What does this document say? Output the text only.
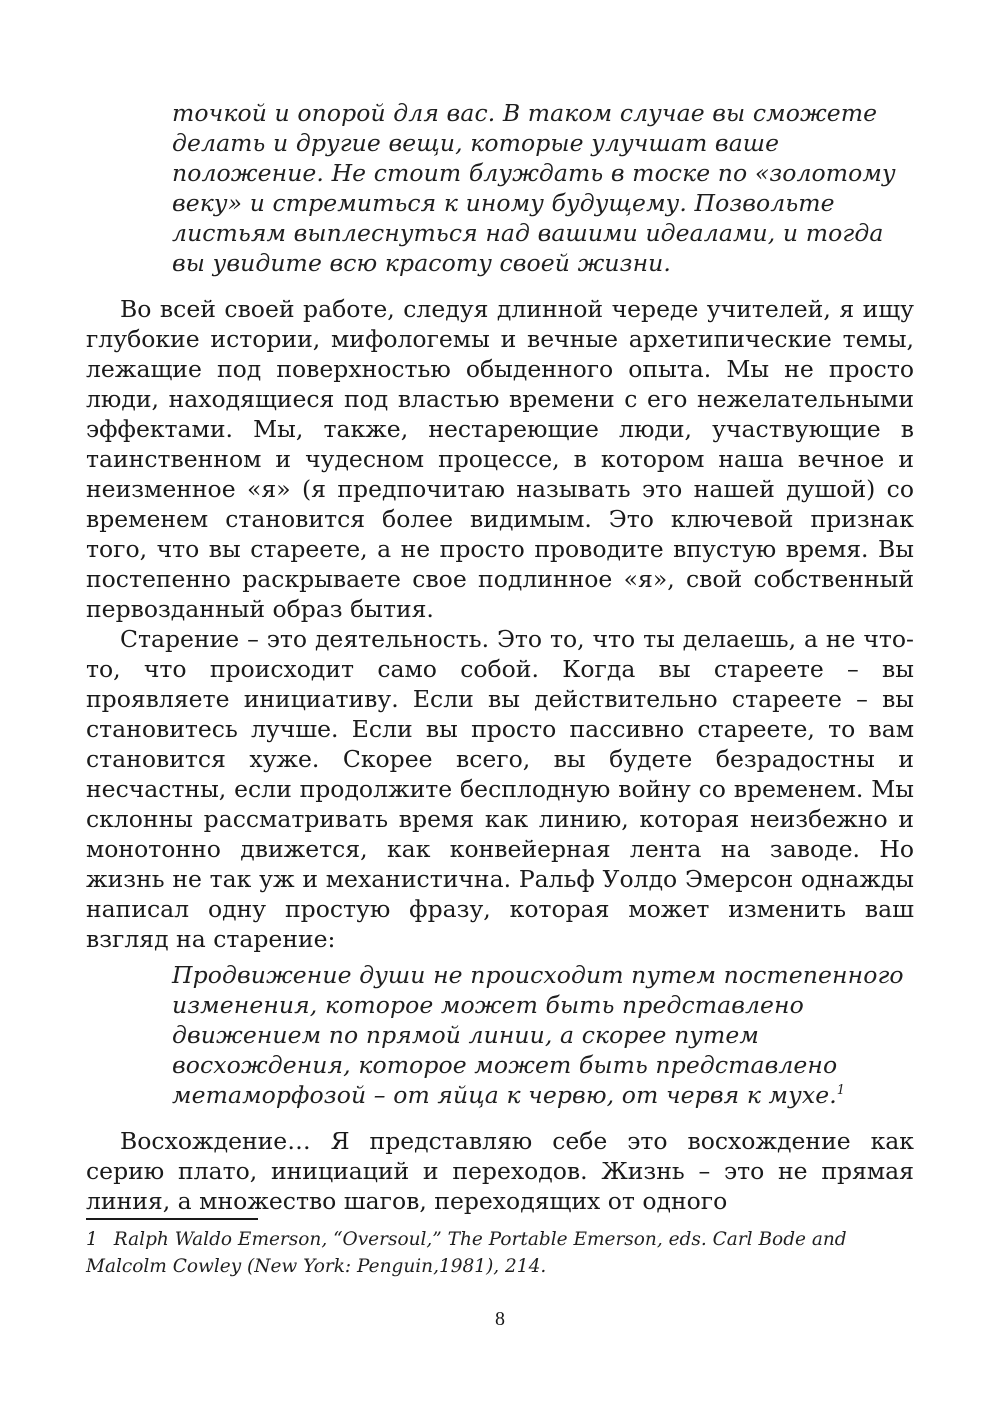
точкой и опорой для вас. В таком случае вы сможете делать и другие вещи, которые улучшат ваше положение. Не стоит блуждать в тоске по «золотому веку» и стремиться к иному будущему. Позвольте листьям выплеснуться над вашими идеалами, и тогда вы увидите всю красоту своей жизни.

Во всей своей работе, следуя длинной череде учителей, я ищу глубокие истории, мифологемы и вечные архетипические темы, лежащие под поверхностью обыденного опыта. Мы не просто люди, находящиеся под властью времени с его нежелательными эффектами. Мы, также, нестареющие люди, участвующие в таинственном и чудесном процессе, в котором наша вечное и неизменное «я» (я предпочитаю называть это нашей душой) со временем становится более видимым. Это ключевой признак того, что вы стареете, а не просто проводите впустую время. Вы постепенно раскрываете свое подлинное «я», свой собственный первозданный образ бытия.

Старение – это деятельность. Это то, что ты делаешь, а не что-то, что происходит само собой. Когда вы стареете – вы проявляете инициативу. Если вы действительно стареете – вы становитесь лучше. Если вы просто пассивно стареете, то вам становится хуже. Скорее всего, вы будете безрадостны и несчастны, если продолжите бесплодную войну со временем. Мы склонны рассматривать время как линию, которая неизбежно и монотонно движется, как конвейерная лента на заводе. Но жизнь не так уж и механистична. Ральф Уолдо Эмерсон однажды написал одну простую фразу, которая может изменить ваш взгляд на старение:

Продвижение души не происходит путем постепенного изменения, которое может быть представлено движением по прямой линии, а скорее путем восхождения, которое может быть представлено метаморфозой – от яйца к червю, от червя к мухе.$^1$

Восхождение… Я представляю себе это восхождение как серию плато, инициаций и переходов. Жизнь – это не прямая линия, а множество шагов, переходящих от одного

1 Ralph Waldo Emerson, “Oversoul,” The Portable Emerson, eds. Carl Bode and Malcolm Cowley (New York: Penguin,1981), 214.

8
